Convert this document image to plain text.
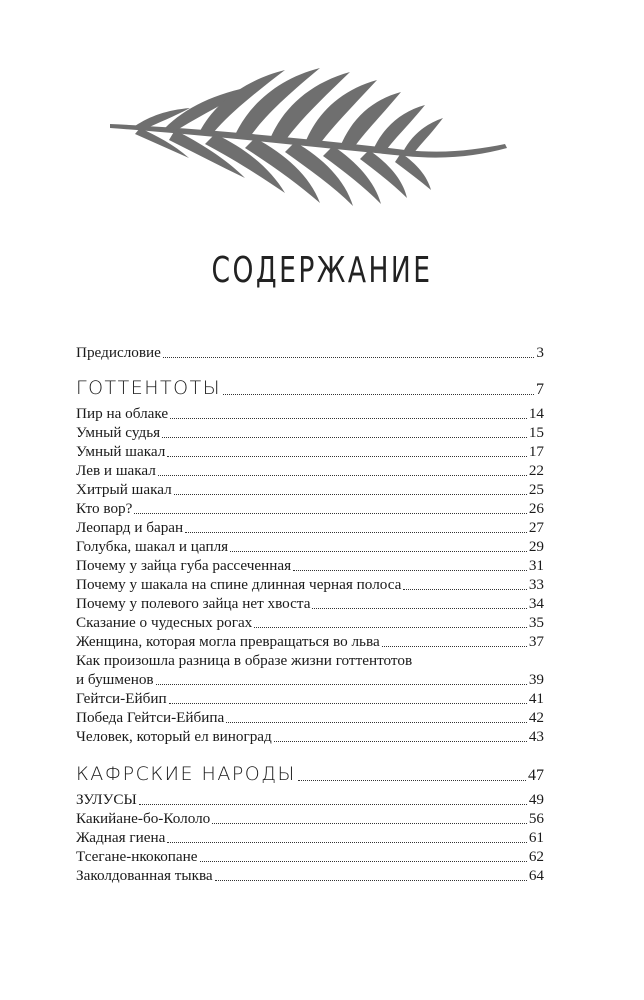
СОДЕРЖАНИЕ
Предисловие	3
ГОТТЕНТОТЫ	7
Пир на облаке	14
Умный судья	15
Умный шакал	17
Лев и шакал	22
Хитрый шакал	25
Кто вор?	26
Леопард и баран	27
Голубка, шакал и цапля	29
Почему у зайца губа рассеченная	31
Почему у шакала на спине длинная черная полоса	33
Почему у полевого зайца нет хвоста	34
Сказание о чудесных рогах	35
Женщина, которая могла превращаться во льва	37
Как произошла разница в образе жизни готтентотов
и бушменов	39
Гейтси-Ейбип	41
Победа Гейтси-Ейбипа	42
Человек, который ел виноград	43
КАФРСКИЕ НАРОДЫ	47
ЗУЛУСЫ	49
Какийане-бо-Кололо	56
Жадная гиена	61
Тсегане-нкокопане	62
Заколдованная тыква	64
